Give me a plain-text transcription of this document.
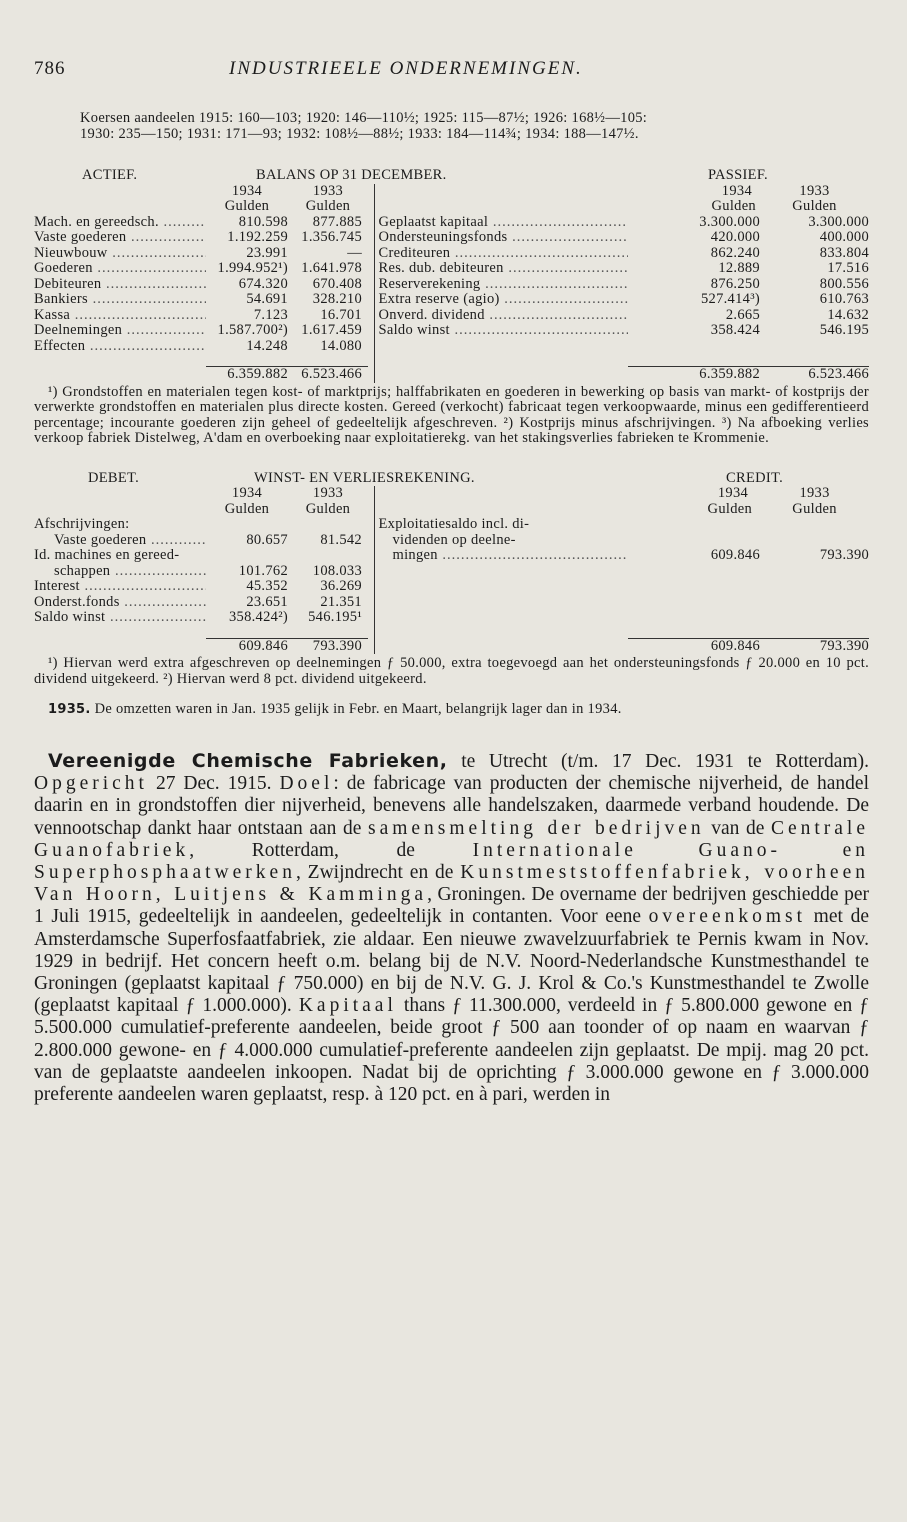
786	INDUSTRIEELE ONDERNEMINGEN.
Koersen aandeelen 1915: 160—103; 1920: 146—110½; 1925: 115—87½; 1926: 168½—105:
1930: 235—150; 1931: 171—93; 1932: 108½—88½; 1933: 184—114¾; 1934: 188—147½.
ACTIEF.	BALANS OP 31 DECEMBER.				PASSIEF.	
	1934	1933			1934	1933
	Gulden	Gulden			Gulden	Gulden
Mach. en gereedsch. .....	810.598	877.885		Geplaatst kapitaal .....	3.300.000	3.300.000
Vaste goederen .....	1.192.259	1.356.745		Ondersteuningsfonds .....	420.000	400.000
Nieuwbouw .....	23.991	—		Crediteuren .....	862.240	833.804
Goederen .....	1.994.952¹)	1.641.978		Res. dub. debiteuren .....	12.889	17.516
Debiteuren .....	674.320	670.408		Reserverekening .....	876.250	800.556
Bankiers .....	54.691	328.210		Extra reserve (agio) .....	527.414³)	610.763
Kassa .....	7.123	16.701		Onverd. dividend .....	2.665	14.632
Deelnemingen .....	1.587.700²)	1.617.459		Saldo winst .....	358.424	546.195
Effecten .....	14.248	14.080				

	6.359.882	6.523.466			6.359.882	6.523.466

¹) Grondstoffen en materialen tegen kost- of marktprijs; halffabrikaten en goederen in bewerking op basis van markt- of kostprijs der verwerkte grondstoffen en materialen plus directe kosten. Gereed (verkocht) fabricaat tegen verkoopwaarde, minus een gedifferentieerd percentage; incourante goederen zijn geheel of gedeeltelijk afgeschreven. ²) Kostprijs minus afschrijvingen. ³) Na afboeking verlies verkoop fabriek Distelweg, A'dam en overboeking naar exploitatierekg. van het stakingsverlies fabrieken te Krommenie.

DEBET.	WINST- EN VERLIESREKENING.				CREDIT.	
	1934	1933			1934	1933
	Gulden	Gulden			Gulden	Gulden
Afschrijvingen:				Exploitatiesaldo incl. di-		
Vaste goederen .....	80.657	81.542		videnden op deelne-		
Id. machines en gereed-				mingen .....	609.846	793.390
schappen .....	101.762	108.033				
Interest .....	45.352	36.269				
Onderst.fonds .....	23.651	21.351				
Saldo winst .....	358.424²)	546.195¹				

	609.846	793.390			609.846	793.390

¹) Hiervan werd extra afgeschreven op deelnemingen ƒ 50.000, extra toegevoegd aan het ondersteuningsfonds ƒ 20.000 en 10 pct. dividend uitgekeerd. ²) Hiervan werd 8 pct. dividend uitgekeerd.

1935. De omzetten waren in Jan. 1935 gelijk in Febr. en Maart, belangrijk lager dan in 1934.

Vereenigde Chemische Fabrieken, te Utrecht (t/m. 17 Dec. 1931 te Rotterdam). Opgericht 27 Dec. 1915. Doel: de fabricage van producten der chemische nijverheid, de handel daarin en in grondstoffen dier nijverheid, benevens alle handelszaken, daarmede verband houdende. De vennootschap dankt haar ontstaan aan de samensmelting der bedrijven van de Centrale Guanofabriek, Rotterdam, de Internationale Guano- en Superphosphaatwerken, Zwijndrecht en de Kunstmeststoffenfabriek, voorheen Van Hoorn, Luitjens & Kamminga, Groningen. De overname der bedrijven geschiedde per 1 Juli 1915, gedeeltelijk in aandeelen, gedeeltelijk in contanten. Voor eene overeenkomst met de Amsterdamsche Superfosfaatfabriek, zie aldaar. Een nieuwe zwavelzuurfabriek te Pernis kwam in Nov. 1929 in bedrijf. Het concern heeft o.m. belang bij de N.V. Noord-Nederlandsche Kunstmesthandel te Groningen (geplaatst kapitaal ƒ 750.000) en bij de N.V. G. J. Krol & Co.'s Kunstmesthandel te Zwolle (geplaatst kapitaal ƒ 1.000.000). Kapitaal thans ƒ 11.300.000, verdeeld in ƒ 5.800.000 gewone en ƒ 5.500.000 cumulatief-preferente aandeelen, beide groot ƒ 500 aan toonder of op naam en waarvan ƒ 2.800.000 gewone- en ƒ 4.000.000 cumulatief-preferente aandeelen zijn geplaatst. De mpij. mag 20 pct. van de geplaatste aandeelen inkoopen. Nadat bij de oprichting ƒ 3.000.000 gewone en ƒ 3.000.000 preferente aandeelen waren geplaatst, resp. à 120 pct. en à pari, werden in
